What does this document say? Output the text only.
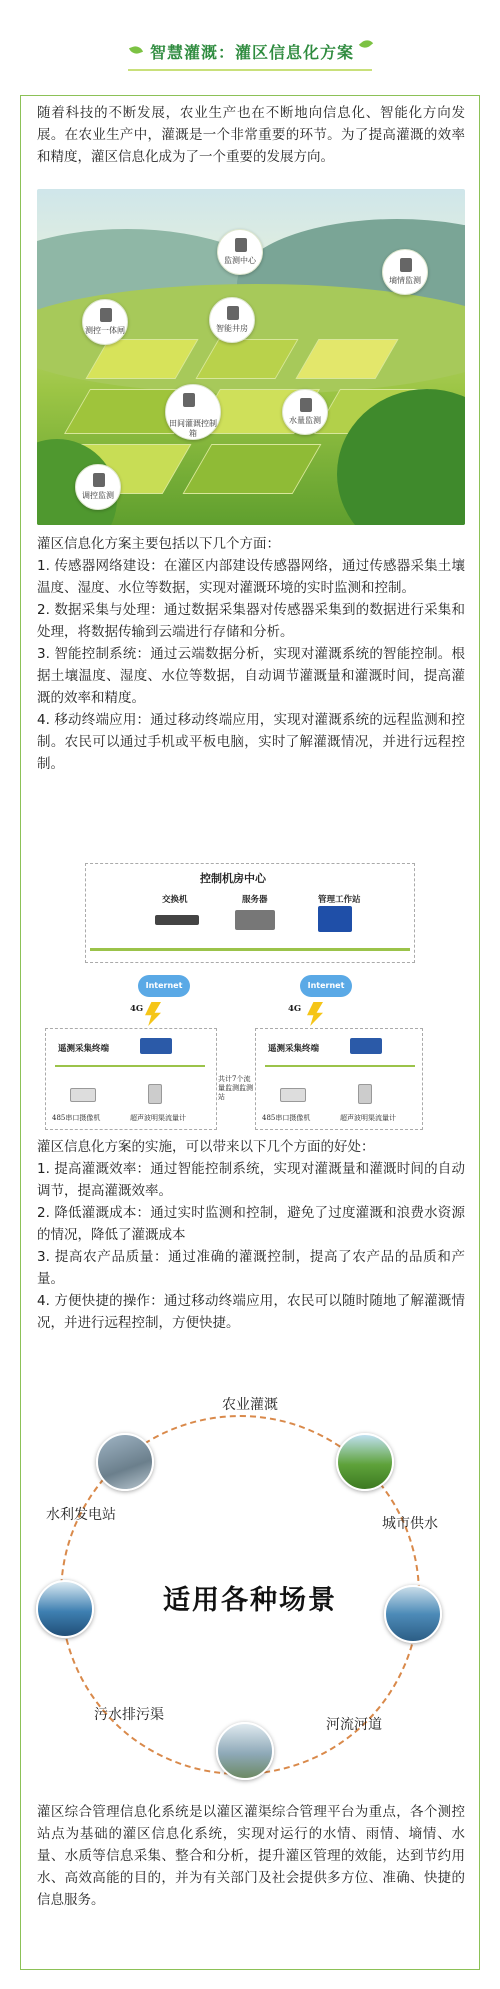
智慧灌溉：灌区信息化方案
随着科技的不断发展，农业生产也在不断地向信息化、智能化方向发展。在农业生产中，灌溉是一个非常重要的环节。为了提高灌溉的效率和精度，灌区信息化成为了一个重要的发展方向。
监测中心
墒情监测
测控一体闸	智能井房
田间灌溉控制箱
水量监测
调控监测

灌区信息化方案主要包括以下几个方面：

1. 传感器网络建设：在灌区内部建设传感器网络，通过传感器采集土壤温度、湿度、水位等数据，实现对灌溉环境的实时监测和控制。

2. 数据采集与处理：通过数据采集器对传感器采集到的数据进行采集和处理，将数据传输到云端进行存储和分析。

3. 智能控制系统：通过云端数据分析，实现对灌溉系统的智能控制。根据土壤温度、湿度、水位等数据，自动调节灌溉量和灌溉时间，提高灌溉的效率和精度。

4. 移动终端应用：通过移动终端应用，实现对灌溉系统的远程监测和控制。农民可以通过手机或平板电脑，实时了解灌溉情况，并进行远程控制。

灌区信息化方案的实施，可以带来以下几个方面的好处：

1. 提高灌溉效率：通过智能控制系统，实现对灌溉量和灌溉时间的自动调节，提高灌溉效率。

2. 降低灌溉成本：通过实时监测和控制，避免了过度灌溉和浪费水资源的情况，降低了灌溉成本

3. 提高农产品质量：通过准确的灌溉控制，提高了农产品的品质和产量。

4. 方便快捷的操作：通过移动终端应用，农民可以随时随地了解灌溉情况，并进行远程控制，方便快捷。

灌区综合管理信息化系统是以灌区灌渠综合管理平台为重点，各个测控站点为基础的灌区信息化系统，实现对运行的水情、雨情、墒情、水量、水质等信息采集、整合和分析，提升灌区管理的效能，达到节约用水、高效高能的目的，并为有关部门及社会提供多方位、准确、快捷的信息服务。
控制机房中心
交换机	服务器	管理工作站
Internet	Internet
4G	4G
遥测采集终端	遥测采集终端
485串口摄像机	超声波明渠流量计	485串口摄像机	超声波明渠流量计
共计7个流量监测监测站
农业灌溉
城市供水
河流河道
污水排污渠
水利发电站
适用各种场景
